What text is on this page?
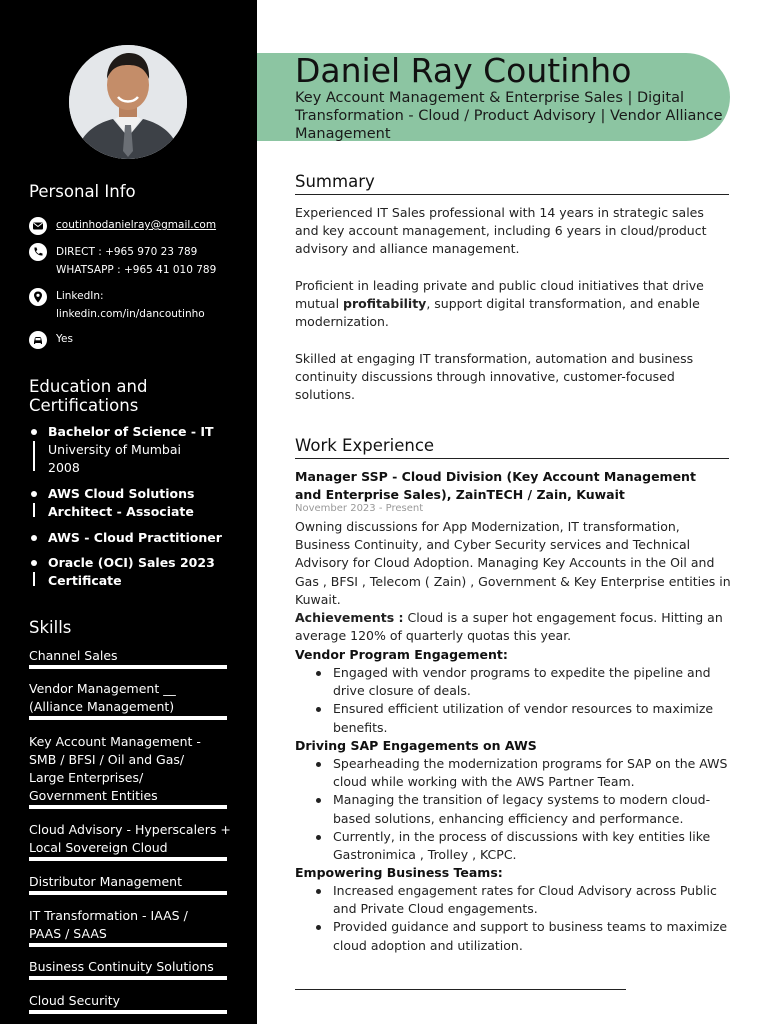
Personal Info
coutinhodanielray@gmail.com
DIRECT : +965 970 23 789
WHATSAPP : +965 41 010 789
LinkedIn:
linkedin.com/in/dancoutinho
Yes
Education and
Certifications
Bachelor of Science - IT
University of Mumbai
2008
AWS Cloud Solutions
Architect - Associate
AWS - Cloud Practitioner
Oracle (OCI) Sales 2023
Certificate
Skills
Channel Sales
Vendor Management __ (Alliance Management)
Key Account Management - SMB / BFSI / Oil and Gas/ Large Enterprises/ Government Entities
Cloud Advisory - Hyperscalers + Local Sovereign Cloud
Distributor Management
IT Transformation - IAAS / PAAS / SAAS
Business Continuity Solutions
Cloud Security
Daniel Ray Coutinho
Key Account Management & Enterprise Sales | Digital Transformation - Cloud / Product Advisory | Vendor Alliance Management
Summary
Experienced IT Sales professional with 14 years in strategic sales and key account management, including 6 years in cloud/product advisory and alliance management.
Proficient in leading private and public cloud initiatives that drive mutual profitability, support digital transformation, and enable modernization.
Skilled at engaging IT transformation, automation and business continuity discussions through innovative, customer-focused solutions.
Work Experience
Manager SSP - Cloud Division (Key Account Management and Enterprise Sales), ZainTECH / Zain, Kuwait
November 2023 - Present
Owning discussions for App Modernization, IT transformation, Business Continuity, and Cyber Security services and Technical Advisory for Cloud Adoption. Managing Key Accounts in the Oil and Gas , BFSI , Telecom ( Zain) , Government & Key Enterprise entities in Kuwait.
Achievements : Cloud is a super hot engagement focus. Hitting an average 120% of quarterly quotas this year.
Vendor Program Engagement:
Engaged with vendor programs to expedite the pipeline and drive closure of deals.
Ensured efficient utilization of vendor resources to maximize benefits.
Driving SAP Engagements on AWS
Spearheading the modernization programs for SAP on the AWS cloud while working with the AWS Partner Team.
Managing the transition of legacy systems to modern cloud-based solutions, enhancing efficiency and performance.
Currently, in the process of discussions with key entities like Gastronimica , Trolley , KCPC.
Empowering Business Teams:
Increased engagement rates for Cloud Advisory across Public and Private Cloud engagements.
Provided guidance and support to business teams to maximize cloud adoption and utilization.
